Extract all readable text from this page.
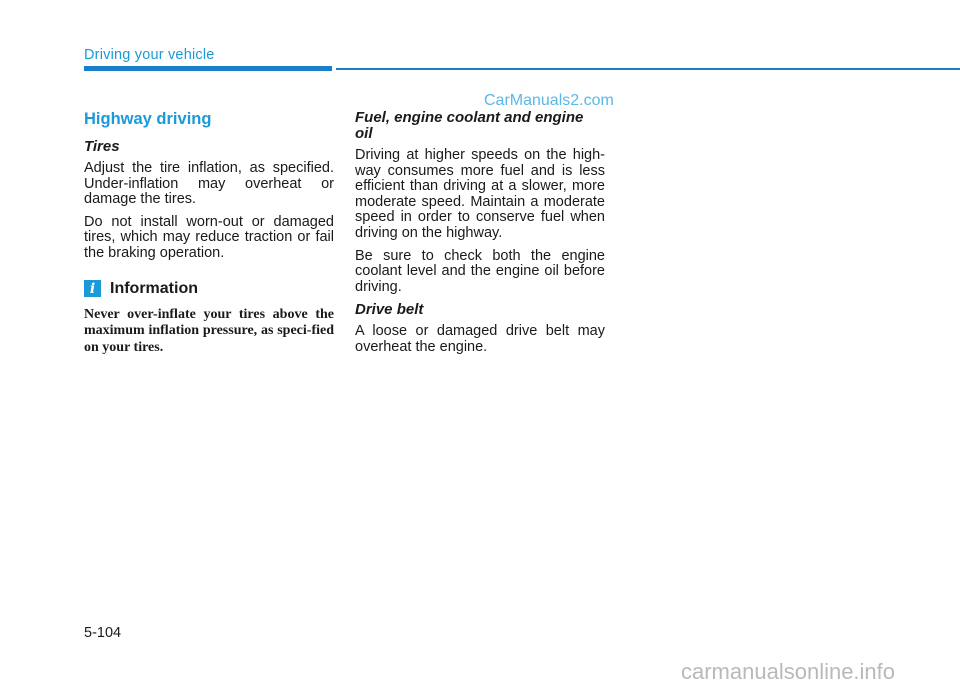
Driving your vehicle
CarManuals2.com
Highway driving
Tires

Adjust the tire inflation, as specified. Under-inflation may overheat or damage the tires.

Do not install worn-out or damaged tires, which may reduce traction or fail the braking operation.

i Information

Never over-inflate your tires above the maximum inflation pressure, as speci-fied on your tires.

Fuel, engine coolant and engine oil

Driving at higher speeds on the high-way consumes more fuel and is less efficient than driving at a slower, more moderate speed. Maintain a moderate speed in order to conserve fuel when driving on the highway.

Be sure to check both the engine coolant level and the engine oil before driving.

Drive belt

A loose or damaged drive belt may overheat the engine.

5-104
carmanualsonline.info
